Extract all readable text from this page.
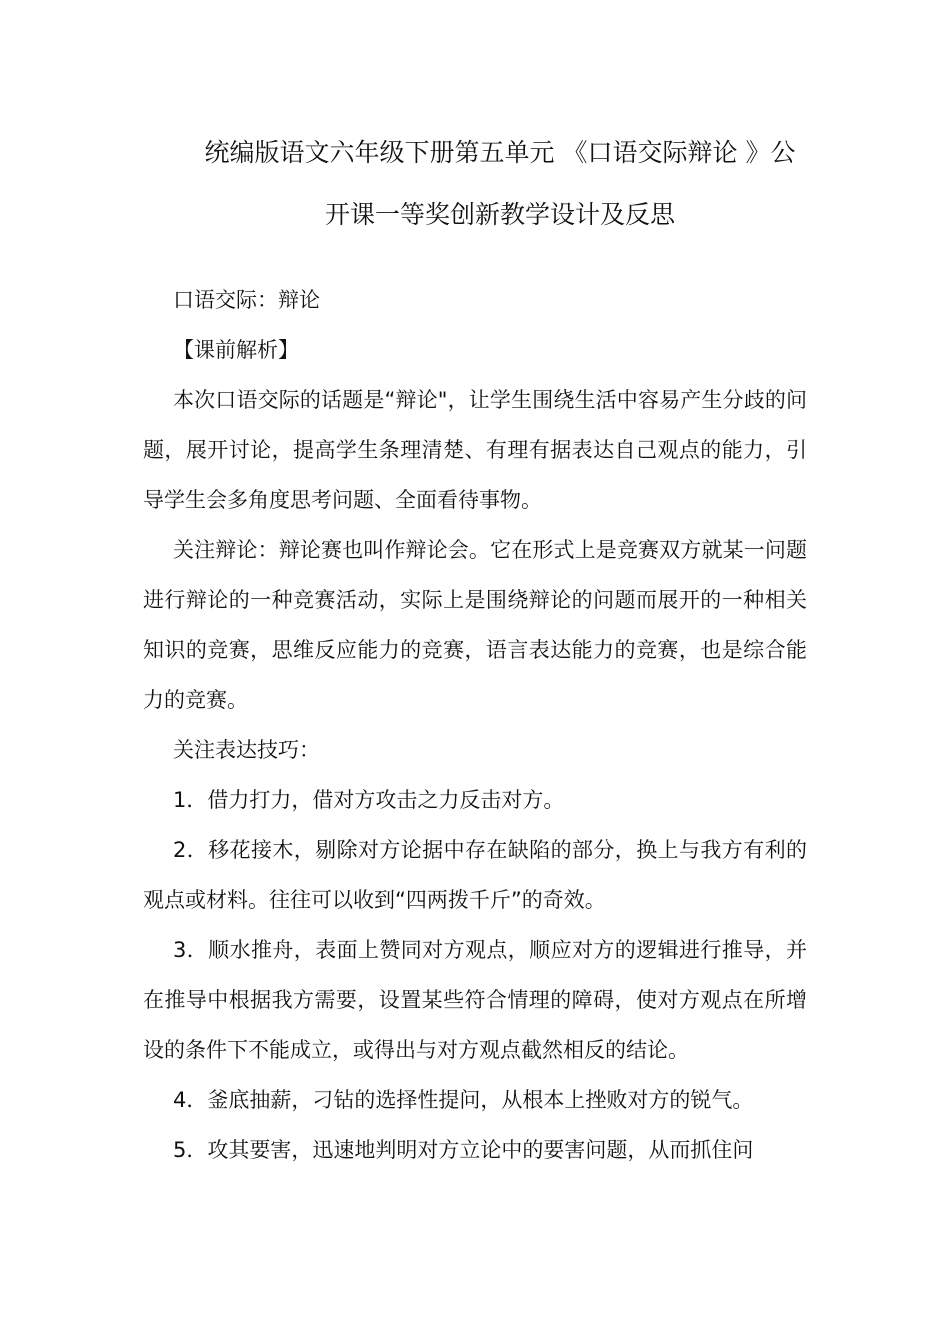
统编版语文六年级下册第五单元 《口语交际辩论 》公
开课一等奖创新教学设计及反思

口语交际：辩论

【课前解析】

本次口语交际的话题是“辩论"，让学生围绕生活中容易产生分歧的问题，展开讨论，提高学生条理清楚、有理有据表达自己观点的能力，引导学生会多角度思考问题、全面看待事物。

关注辩论：辩论赛也叫作辩论会。它在形式上是竞赛双方就某一问题进行辩论的一种竞赛活动，实际上是围绕辩论的问题而展开的一种相关知识的竞赛，思维反应能力的竞赛，语言表达能力的竞赛，也是综合能力的竞赛。

关注表达技巧：

1．借力打力，借对方攻击之力反击对方。

2．移花接木，剔除对方论据中存在缺陷的部分，换上与我方有利的观点或材料。往往可以收到“四两拨千斤”的奇效。

3．顺水推舟，表面上赞同对方观点，顺应对方的逻辑进行推导，并在推导中根据我方需要，设置某些符合情理的障碍，使对方观点在所增设的条件下不能成立，或得出与对方观点截然相反的结论。

4．釜底抽薪，刁钻的选择性提问，从根本上挫败对方的锐气。

5．攻其要害，迅速地判明对方立论中的要害问题，从而抓住问
